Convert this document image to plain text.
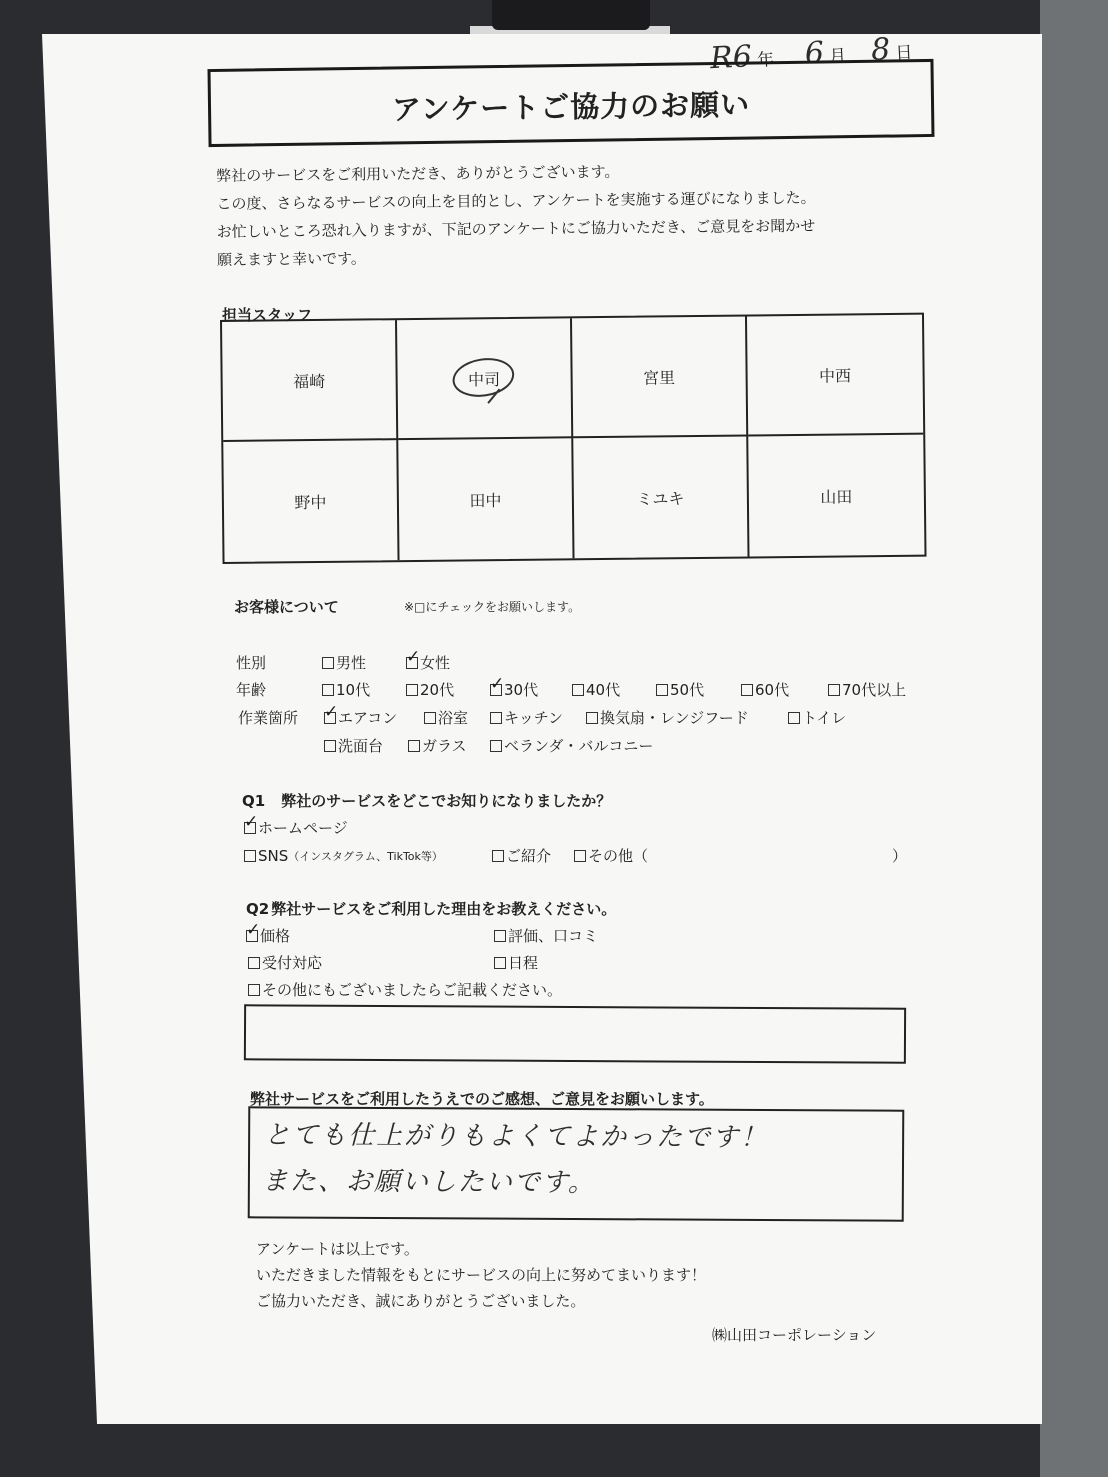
R6 年 6 月 8 日
アンケートご協力のお願い
弊社のサービスをご利用いただき、ありがとうございます。
この度、さらなるサービスの向上を目的とし、アンケートを実施する運びになりました。
お忙しいところ恐れ入りますが、下記のアンケートにご協力いただき、ご意見をお聞かせ
願えますと幸いです。
担当スタッフ
福崎	中司	宮里	中西
野中	田中	ミユキ	山田
お客様について	※□にチェックをお願いします。
性別	男性 ✓ 女性
年齢	10代	20代 ✓ 30代	40代	50代	60代	70代以上
作業箇所	✓ エアコン	浴室 キッチン 換気扇・レンジフード	トイレ
洗面台	ガラス ベランダ・バルコニー
Q1 弊社のサービスをどこでお知りになりましたか？
✓ ホームページ
SNS （インスタグラム、TikTok等）	ご紹介 その他（	）
Q2 弊社サービスをご利用した理由をお教えください。
✓ 価格	評価、口コミ
受付対応	日程
その他にもございましたらご記載ください。
弊社サービスをご利用したうえでのご感想、ご意見をお願いします。
とても仕上がりもよくてよかったです！
また、お願いしたいです。
アンケートは以上です。
いただきました情報をもとにサービスの向上に努めてまいります！
ご協力いただき、誠にありがとうございました。
㈱山田コーポレーション
